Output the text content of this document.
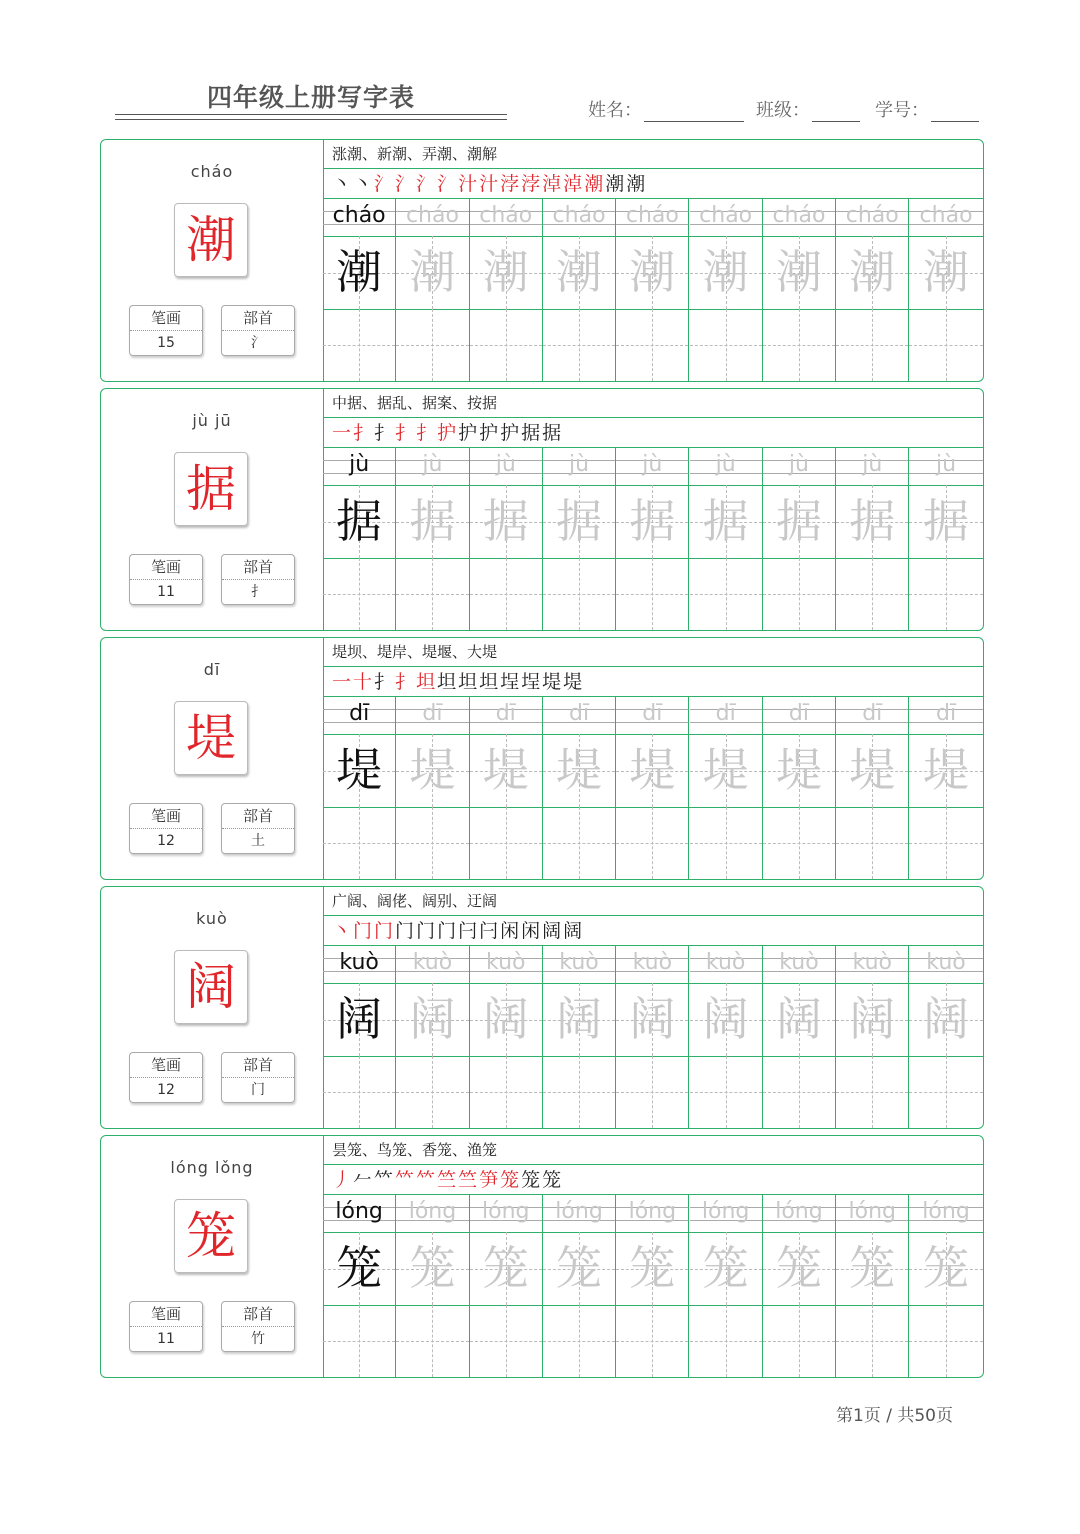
四年级上册写字表	姓名：	班级：	学号：
cháo
潮
笔画
15
部首
氵
涨潮、新潮、弄潮、潮解
丶丶氵氵氵氵汁汁浡浡淖淖潮潮潮
cháo cháo cháo cháo cháo cháo cháo cháo cháo
潮 潮 潮 潮 潮 潮 潮 潮 潮
jù jū
据
笔画
11
部首
扌
中据、据乱、据案、按据
一扌扌扌扌护护护护据据
jù	jù	jù	jù	jù	jù	jù	jù	jù
据 据 据 据 据 据 据 据 据
dī
堤
笔画
12
部首
土
堤坝、堤岸、堤堰、大堤
一十扌扌坦坦坦坦埕埕堤堤
dī	dī	dī	dī	dī	dī	dī	dī	dī
堤 堤 堤 堤 堤 堤 堤 堤 堤
kuò
阔
笔画
12
部首
门
广阔、阔佬、阔别、迂阔
丶门门门门门闩闩闲闲阔阔
kuò	kuò	kuò	kuò	kuò	kuò	kuò	kuò	kuò
阔 阔 阔 阔 阔 阔 阔 阔 阔
lóng lǒng
笼
笔画
11
部首
竹
昙笼、鸟笼、香笼、渔笼
丿𠂉𥫗𥫗𥫗竺竺笋笼笼笼
lóng	lóng	lóng	lóng	lóng	lóng	lóng	lóng	lóng
笼 笼 笼 笼 笼 笼 笼 笼 笼
第1页 / 共50页
